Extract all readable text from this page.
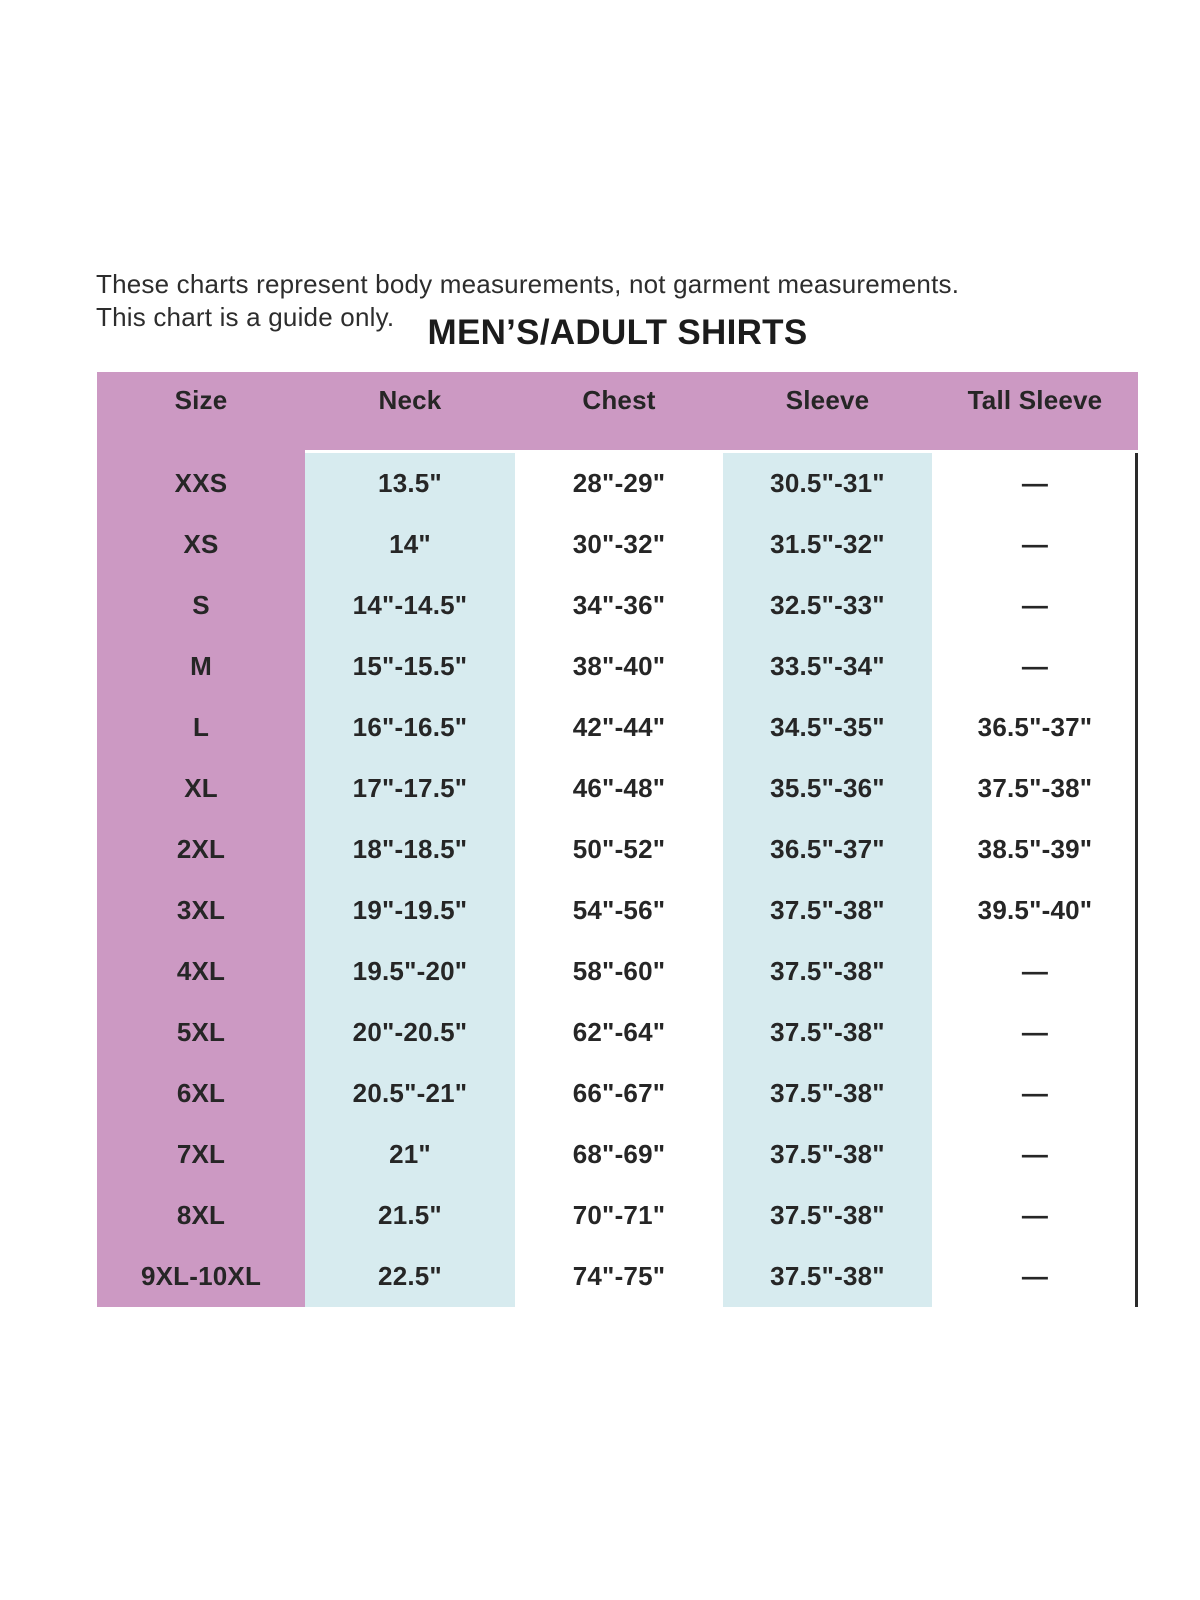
These charts represent body measurements, not garment measurements.
This chart is a guide only. MEN’S/ADULT SHIRTS
Size	Neck	Chest	Sleeve	Tall Sleeve
XXS	13.5"	28"-29"	30.5"-31"	—
XS	14"	30"-32"	31.5"-32"	—
S	14"-14.5"	34"-36"	32.5"-33"	—
M	15"-15.5"	38"-40"	33.5"-34"	—
L	16"-16.5"	42"-44"	34.5"-35"	36.5"-37"
XL	17"-17.5"	46"-48"	35.5"-36"	37.5"-38"
2XL	18"-18.5"	50"-52"	36.5"-37"	38.5"-39"
3XL	19"-19.5"	54"-56"	37.5"-38"	39.5"-40"
4XL	19.5"-20"	58"-60"	37.5"-38"	—
5XL	20"-20.5"	62"-64"	37.5"-38"	—
6XL	20.5"-21"	66"-67"	37.5"-38"	—
7XL	21"	68"-69"	37.5"-38"	—
8XL	21.5"	70"-71"	37.5"-38"	—
9XL-10XL	22.5"	74"-75"	37.5"-38"	—
